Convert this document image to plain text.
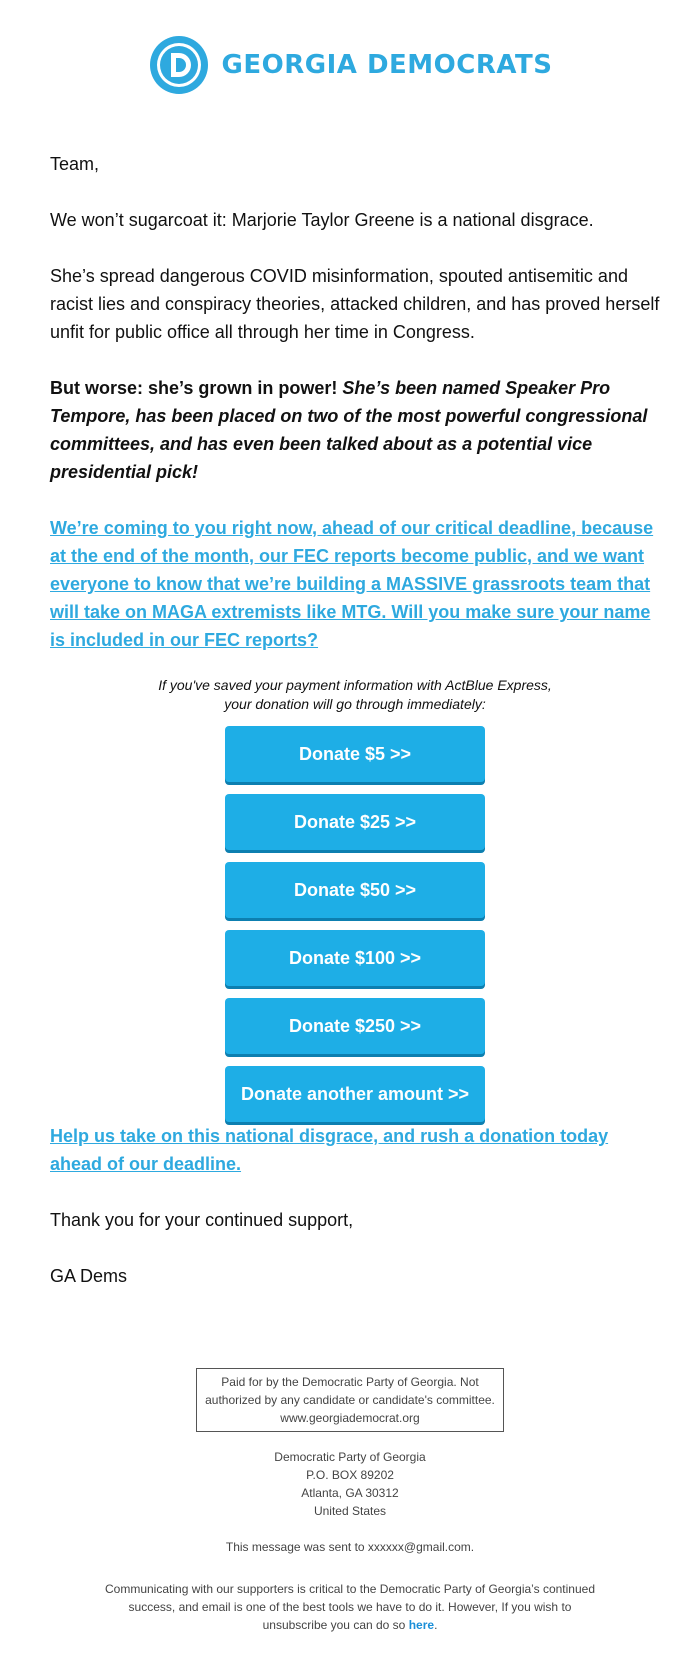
GEORGIA DEMOCRATS

Team,

We won’t sugarcoat it: Marjorie Taylor Greene is a national disgrace.

She’s spread dangerous COVID misinformation, spouted antisemitic and racist lies and conspiracy theories, attacked children, and has proved herself unfit for public office all through her time in Congress.

But worse: she’s grown in power! She’s been named Speaker Pro Tempore, has been placed on two of the most powerful congressional committees, and has even been talked about as a potential vice presidential pick!

We’re coming to you right now, ahead of our critical deadline, because at the end of the month, our FEC reports become public, and we want everyone to know that we’re building a MASSIVE grassroots team that will take on MAGA extremists like MTG. Will you make sure your name is included in our FEC reports?

If you've saved your payment information with ActBlue Express,
your donation will go through immediately:
Donate $5 >>
Donate $25 >>
Donate $50 >>
Donate $100 >>
Donate $250 >>
Donate another amount >>

Help us take on this national disgrace, and rush a donation today ahead of our deadline.

Thank you for your continued support,

GA Dems

Paid for by the Democratic Party of Georgia. Not
authorized by any candidate or candidate's committee.
www.georgiademocrat.org
Democratic Party of Georgia
P.O. BOX 89202
Atlanta, GA 30312
United States
This message was sent to xxxxxx@gmail.com.
Communicating with our supporters is critical to the Democratic Party of Georgia’s continued success, and email is one of the best tools we have to do it. However, If you wish to unsubscribe you can do so here.
